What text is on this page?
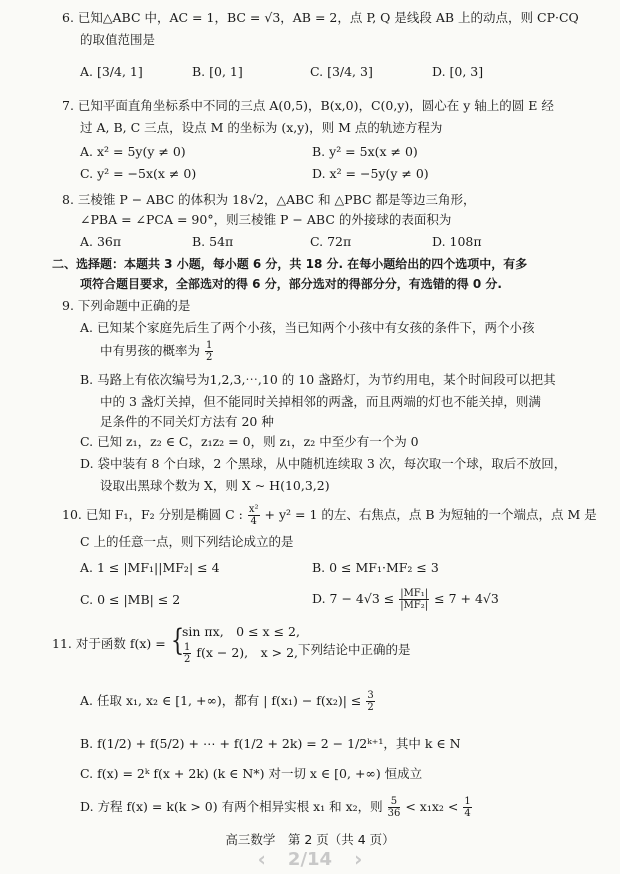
6. 已知△ABC 中，AC = 1，BC = √3，AB = 2，点 P, Q 是线段 AB 上的动点，则 CP·CQ
的取值范围是
A. [3/4, 1]	B. [0, 1]	C. [3/4, 3]	D. [0, 3]
7. 已知平面直角坐标系中不同的三点 A(0,5)，B(x,0)，C(0,y)，圆心在 y 轴上的圆 E 经
过 A, B, C 三点，设点 M 的坐标为 (x,y)，则 M 点的轨迹方程为
A. x² = 5y(y ≠ 0)	B. y² = 5x(x ≠ 0)
C. y² = −5x(x ≠ 0)	D. x² = −5y(y ≠ 0)
8. 三棱锥 P − ABC 的体积为 18√2，△ABC 和 △PBC 都是等边三角形，
∠PBA = ∠PCA = 90°，则三棱锥 P − ABC 的外接球的表面积为
A. 36π	B. 54π	C. 72π	D. 108π
二、选择题：本题共 3 小题，每小题 6 分，共 18 分. 在每小题给出的四个选项中，有多
项符合题目要求，全部选对的得 6 分，部分选对的得部分分，有选错的得 0 分.
9. 下列命题中正确的是
A. 已知某个家庭先后生了两个小孩，当已知两个小孩中有女孩的条件下，两个小孩
中有男孩的概率为 $\frac{1}{2}$
B. 马路上有依次编号为1,2,3,⋯,10 的 10 盏路灯，为节约用电，某个时间段可以把其
中的 3 盏灯关掉，但不能同时关掉相邻的两盏，而且两端的灯也不能关掉，则满
足条件的不同关灯方法有 20 种
C. 已知 z₁，z₂ ∈ C，z₁z₂ = 0，则 z₁，z₂ 中至少有一个为 0
D. 袋中装有 8 个白球，2 个黑球，从中随机连续取 3 次，每次取一个球，取后不放回，
设取出黑球个数为 X，则 X ~ H(10,3,2)
10. 已知 F₁，F₂ 分别是椭圆 C : $\frac{\text{x²}}{4} + y^2 = 1$ 的左、右焦点，点 B 为短轴的一个端点，点 M 是
C 上的任意一点，则下列结论成立的是
A. 1 ≤ |MF₁||MF₂| ≤ 4	B. 0 ≤ MF₁·MF₂ ≤ 3
C. 0 ≤ |MB| ≤ 2	D. $7 - 4√3 \le \frac{\text{|MF₁|}}{\text{|MF₂|}} \le 7 + 4√3$
11. 对于函数 f(x) = {
sin πx,　0 ≤ x ≤ 2,
$\frac{1}{2} f(x - 2)$,　x > 2, 下列结论中正确的是
A. 任取 x₁, x₂ ∈ [1, +∞)，都有 | $f(x_1) - f(x_2)| \le \frac{3}{2}$
B. f(1/2) + f(5/2) + ⋯ + f(1/2 + 2k) = 2 − 1/2ᵏ⁺¹，其中 k ∈ N
C. f(x) = 2ᵏ f(x + 2k) (k ∈ N*) 对一切 x ∈ [0, +∞) 恒成立
D. 方程 f(x) = k(k > 0) 有两个相异实根 x₁ 和 x₂，则 $\frac{5}{36} < x_1x_2 < \frac{1}{4}$
高三数学　第 2 页（共 4 页）
‹ 2/14 ›
